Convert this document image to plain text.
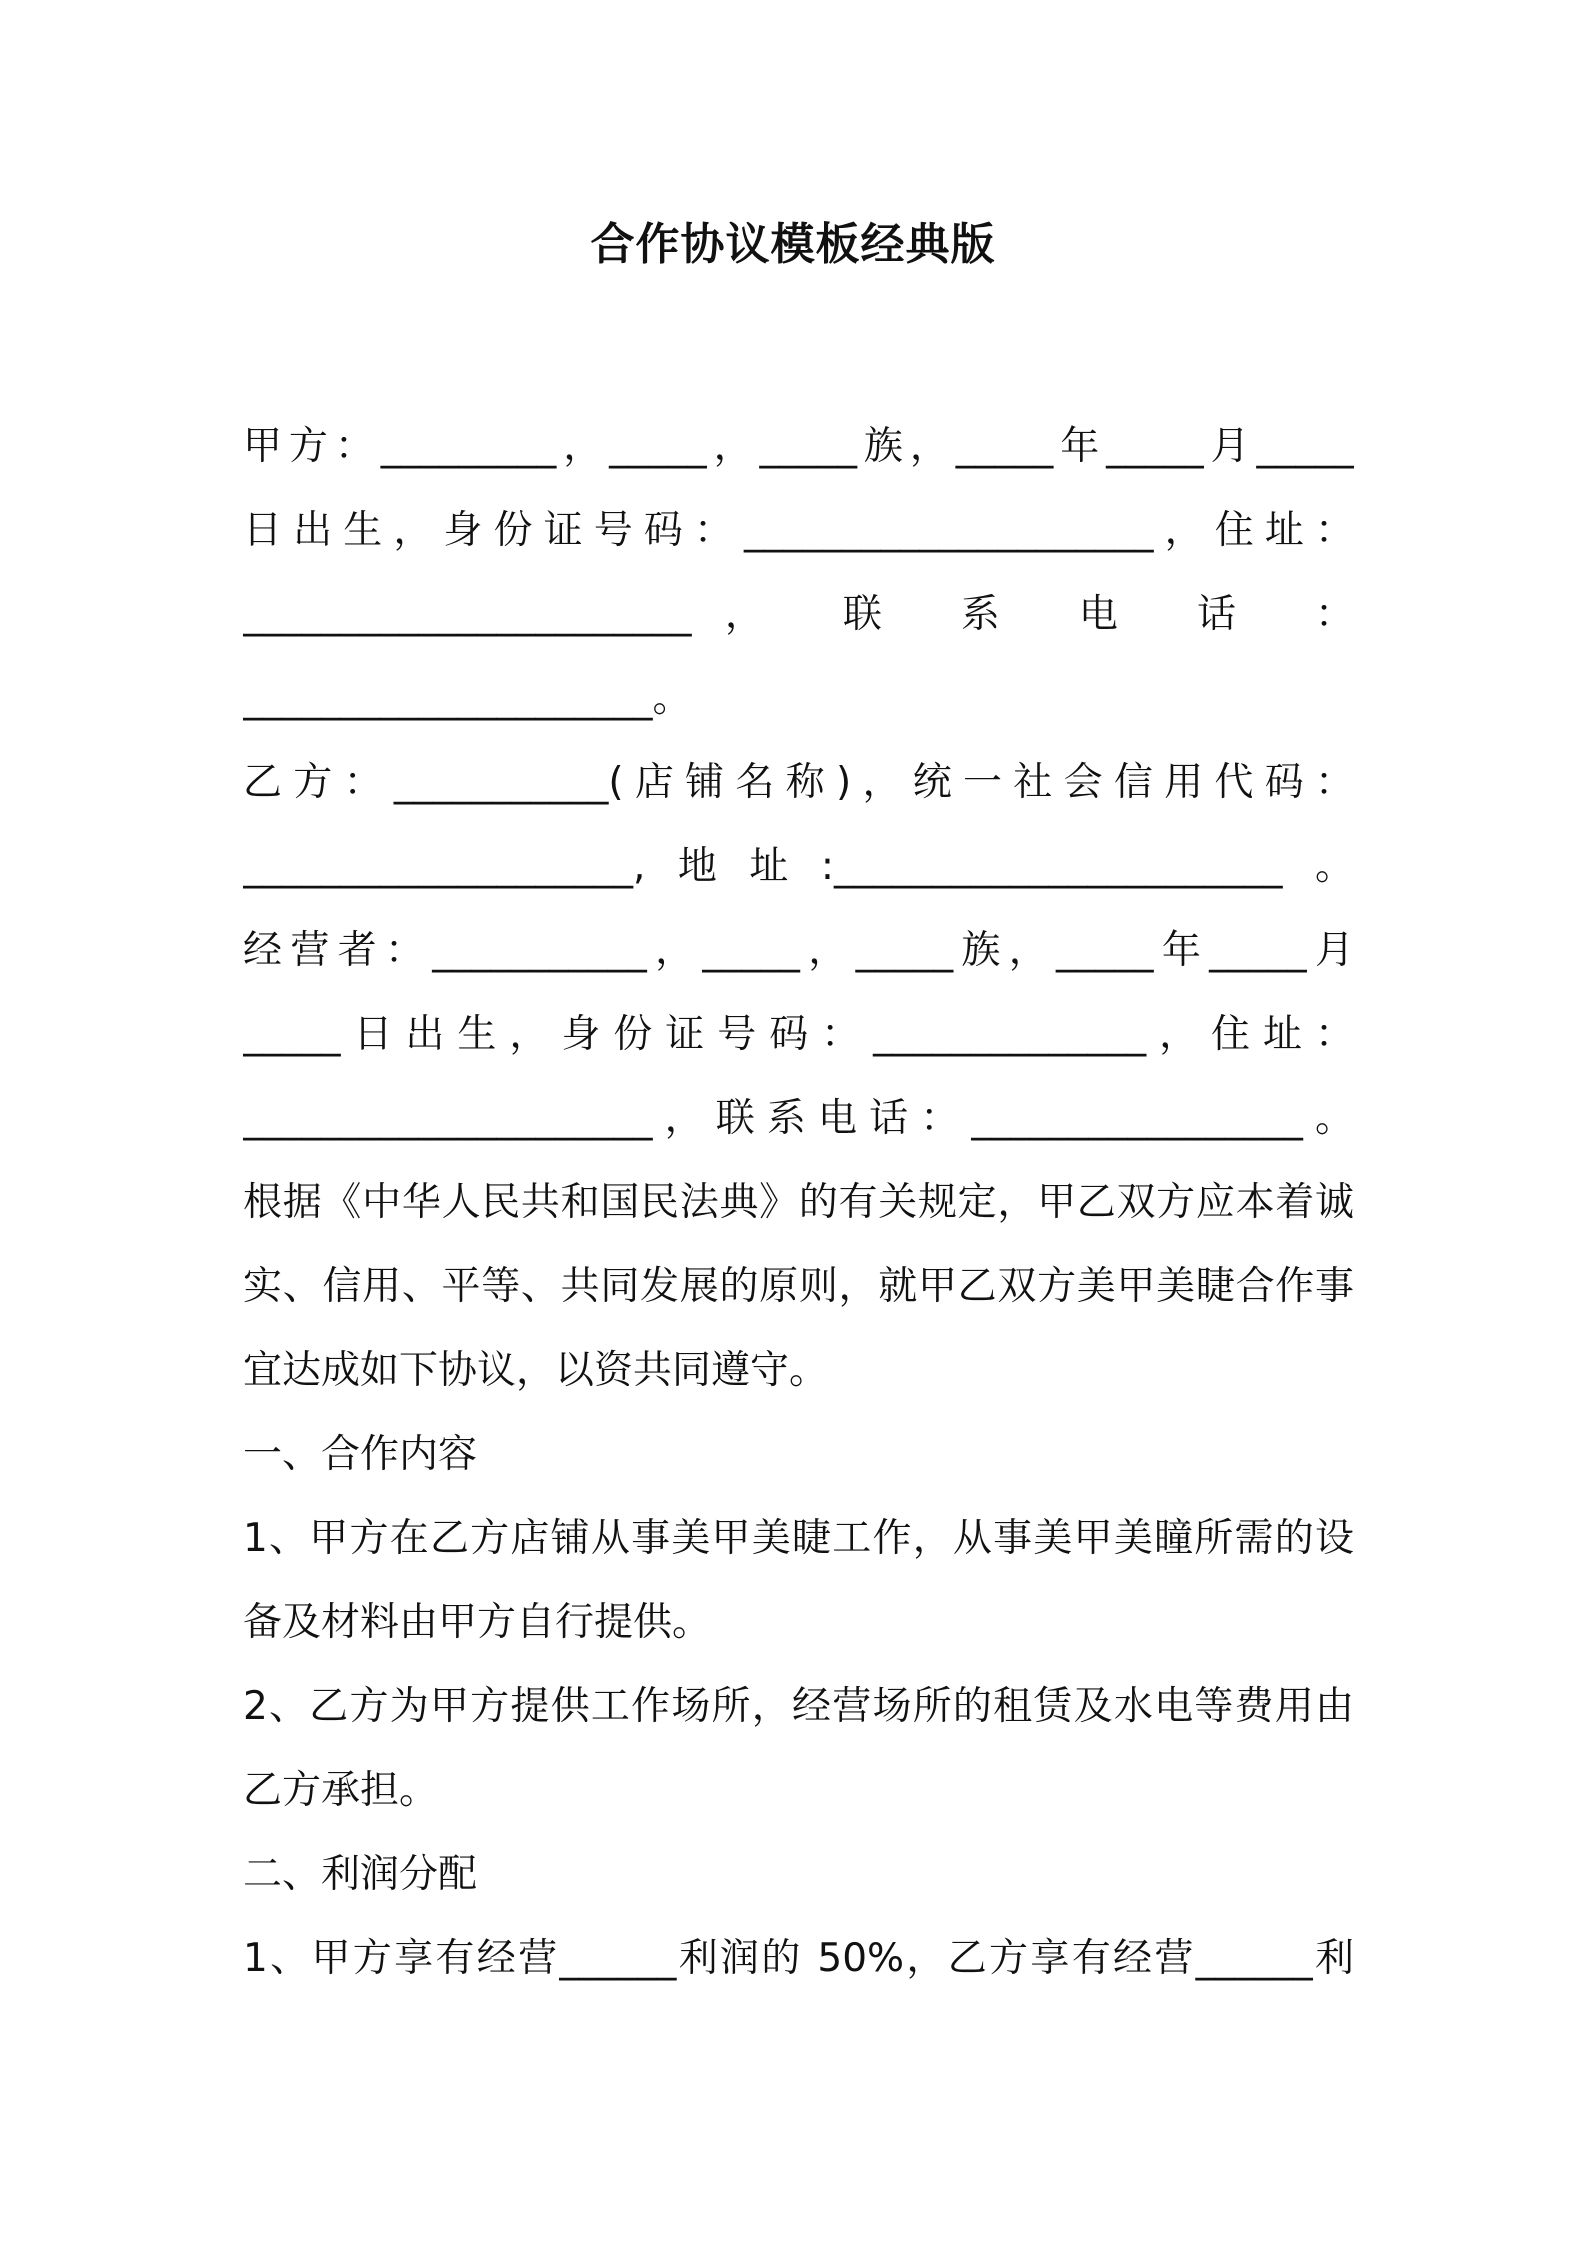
合作协议模板经典版
甲方：_________，_____，_____族，_____年_____月_____
日出生，身份证号码：_____________________，住址：
_______________________， 联 系 电 话 ：
_____________________。
乙方：___________(店铺名称)，统一社会信用代码：
____________________,地址:_______________________。
经营者：___________，_____，_____族，_____年_____月
_____日出生，身份证号码：______________，住址：
_____________________，联系电话：_________________。
根据《中华人民共和国民法典》的有关规定，甲乙双方应本着诚
实、信用、平等、共同发展的原则，就甲乙双方美甲美睫合作事
宜达成如下协议，以资共同遵守。
一、合作内容
1、甲方在乙方店铺从事美甲美睫工作，从事美甲美瞳所需的设
备及材料由甲方自行提供。
2、乙方为甲方提供工作场所，经营场所的租赁及水电等费用由
乙方承担。
二、利润分配
1、甲方享有经营______利润的 50%，乙方享有经营______利
